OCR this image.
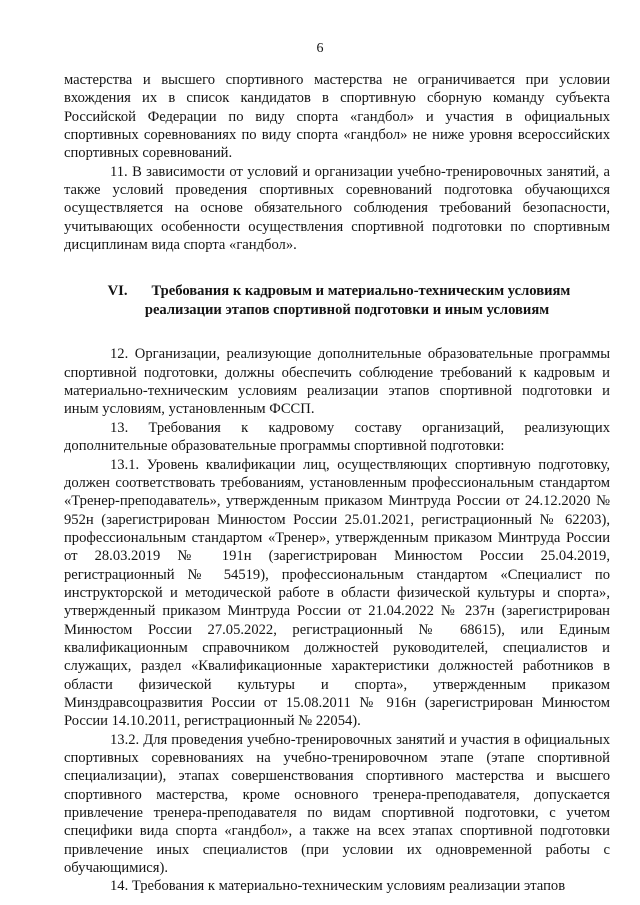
6

мастерства и высшего спортивного мастерства не ограничивается при условии вхождения их в список кандидатов в спортивную сборную команду субъекта Российской Федерации по виду спорта «гандбол» и участия в официальных спортивных соревнованиях по виду спорта «гандбол» не ниже уровня всероссийских спортивных соревнований.

11. В зависимости от условий и организации учебно-тренировочных занятий, а также условий проведения спортивных соревнований подготовка обучающихся осуществляется на основе обязательного соблюдения требований безопасности, учитывающих особенности осуществления спортивной подготовки по спортивным дисциплинам вида спорта «гандбол».

VI. Требования к кадровым и материально-техническим условиям
реализации этапов спортивной подготовки и иным условиям

12. Организации, реализующие дополнительные образовательные программы спортивной подготовки, должны обеспечить соблюдение требований к кадровым и материально-техническим условиям реализации этапов спортивной подготовки и иным условиям, установленным ФССП.

13. Требования к кадровому составу организаций, реализующих дополнительные образовательные программы спортивной подготовки:

13.1. Уровень квалификации лиц, осуществляющих спортивную подготовку, должен соответствовать требованиям, установленным профессиональным стандартом «Тренер-преподаватель», утвержденным приказом Минтруда России от 24.12.2020 № 952н (зарегистрирован Минюстом России 25.01.2021, регистрационный № 62203), профессиональным стандартом «Тренер», утвержденным приказом Минтруда России от 28.03.2019 № 191н (зарегистрирован Минюстом России 25.04.2019, регистрационный № 54519), профессиональным стандартом «Специалист по инструкторской и методической работе в области физической культуры и спорта», утвержденный приказом Минтруда России от 21.04.2022 № 237н (зарегистрирован Минюстом России 27.05.2022, регистрационный № 68615), или Единым квалификационным справочником должностей руководителей, специалистов и служащих, раздел «Квалификационные характеристики должностей работников в области физической культуры и спорта», утвержденным приказом Минздравсоцразвития России от 15.08.2011 № 916н (зарегистрирован Минюстом России 14.10.2011, регистрационный № 22054).

13.2. Для проведения учебно-тренировочных занятий и участия в официальных спортивных соревнованиях на учебно-тренировочном этапе (этапе спортивной специализации), этапах совершенствования спортивного мастерства и высшего спортивного мастерства, кроме основного тренера-преподавателя, допускается привлечение тренера-преподавателя по видам спортивной подготовки, с учетом специфики вида спорта «гандбол», а также на всех этапах спортивной подготовки привлечение иных специалистов (при условии их одновременной работы с обучающимися).

14. Требования к материально-техническим условиям реализации этапов
